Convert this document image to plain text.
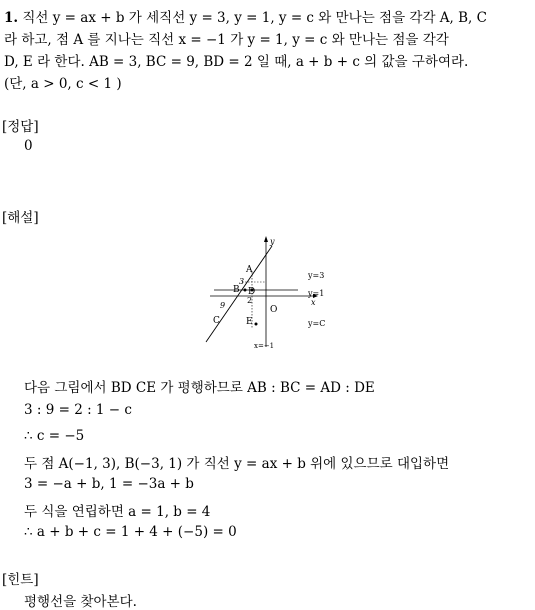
1. 직선 y = ax + b 가 세직선 y = 3, y = 1, y = c 와 만나는 점을 각각 A, B, C
라 하고, 점 A 를 지나는 직선 x = −1 가 y = 1, y = c 와 만나는 점을 각각
D, E 라 한다. AB = 3, BC = 9, BD = 2 일 때, a + b + c 의 값을 구하여라.
(단, a > 0, c < 1 )
[정답]
0
[해설]
y
x
O
y=3
y=1
y=C
x=−1
A
B
C
D
E
3
2
9
다음 그림에서 BD CE 가 평행하므로 AB : BC = AD : DE
3 : 9 = 2 : 1 − c
∴ c = −5
두 점 A(−1, 3), B(−3, 1) 가 직선 y = ax + b 위에 있으므로 대입하면
3 = −a + b, 1 = −3a + b
두 식을 연립하면 a = 1, b = 4
∴ a + b + c = 1 + 4 + (−5) = 0
[힌트]
평행선을 찾아본다.
